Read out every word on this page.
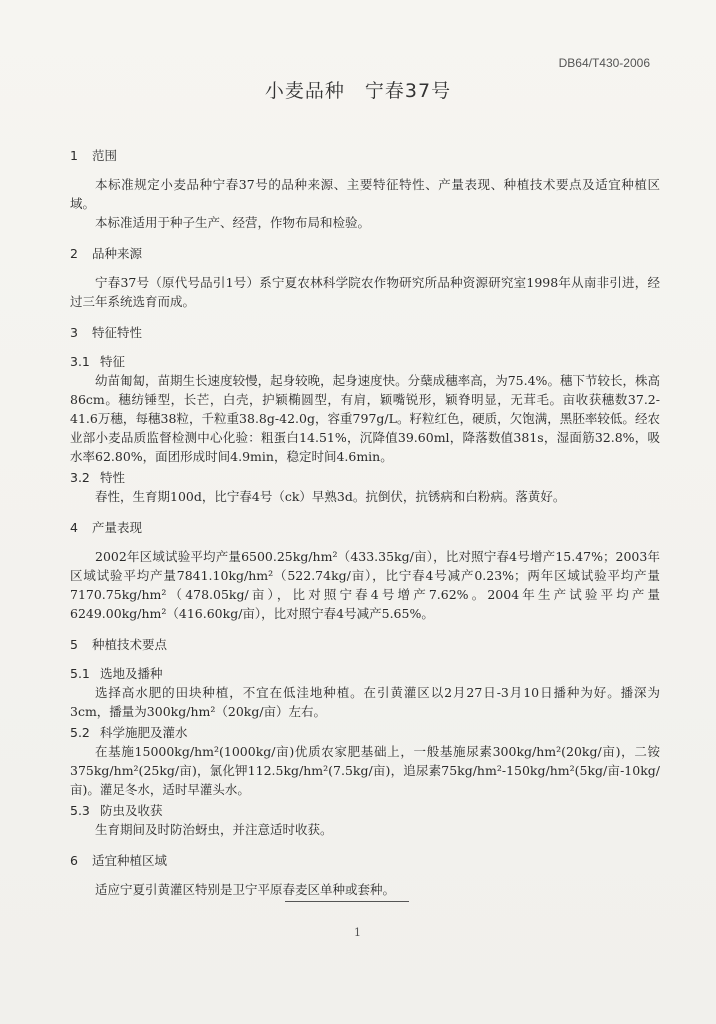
DB64/T430-2006
小麦品种　宁春37号
1	范围

本标准规定小麦品种宁春37号的品种来源、主要特征特性、产量表现、种植技术要点及适宜种植区域。

本标准适用于种子生产、经营，作物布局和检验。

2	品种来源

宁春37号（原代号品引1号）系宁夏农林科学院农作物研究所品种资源研究室1998年从南非引进，经过三年系统选育而成。

3	特征特性
3.1 特征

幼苗匍匐，苗期生长速度较慢，起身较晚，起身速度快。分蘖成穗率高，为75.4%。穗下节较长，株高86cm。穗纺锤型，长芒，白壳，护颖椭圆型，有肩，颖嘴锐形，颖脊明显，无茸毛。亩收获穗数37.2-41.6万穗，每穗38粒，千粒重38.8g-42.0g，容重797g/L。籽粒红色，硬质，欠饱满，黑胚率较低。经农业部小麦品质监督检测中心化验：粗蛋白14.51%，沉降值39.60ml，降落数值381s，湿面筋32.8%，吸水率62.80%，面团形成时间4.9min，稳定时间4.6min。

3.2 特性

春性，生育期100d，比宁春4号（ck）早熟3d。抗倒伏，抗锈病和白粉病。落黄好。

4	产量表现

2002年区域试验平均产量6500.25kg/hm²（433.35kg/亩），比对照宁春4号增产15.47%；2003年区域试验平均产量7841.10kg/hm²（522.74kg/亩），比宁春4号减产0.23%；两年区域试验平均产量7170.75kg/hm²（478.05kg/亩），比对照宁春4号增产7.62%。2004年生产试验平均产量6249.00kg/hm²（416.60kg/亩），比对照宁春4号减产5.65%。

5	种植技术要点
5.1 选地及播种

选择高水肥的田块种植，不宜在低洼地种植。在引黄灌区以2月27日-3月10日播种为好。播深为3cm，播量为300kg/hm²（20kg/亩）左右。

5.2 科学施肥及灌水

在基施15000kg/hm²(1000kg/亩)优质农家肥基础上，一般基施尿素300kg/hm²(20kg/亩)，二铵375kg/hm²(25kg/亩)，氯化钾112.5kg/hm²(7.5kg/亩)，追尿素75kg/hm²-150kg/hm²(5kg/亩-10kg/亩)。灌足冬水，适时早灌头水。

5.3 防虫及收获

生育期间及时防治蚜虫，并注意适时收获。

6	适宜种植区域

适应宁夏引黄灌区特别是卫宁平原春麦区单种或套种。

1
